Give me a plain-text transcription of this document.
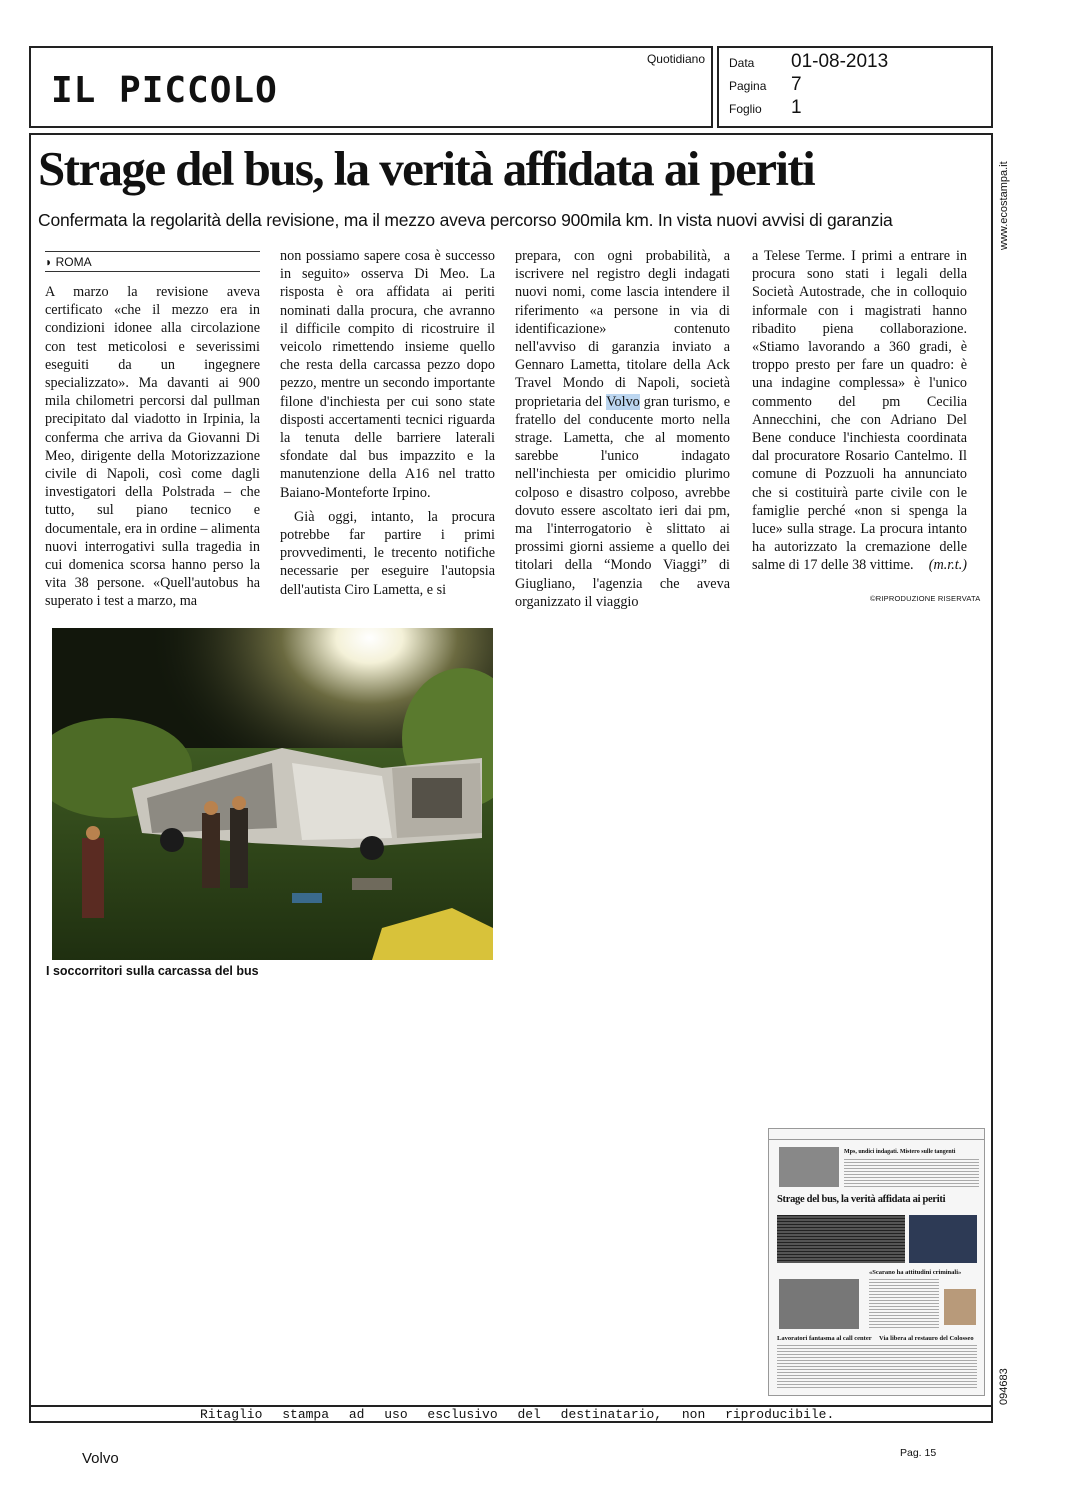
IL PICCOLO
Quotidiano Data 01-08-2013
Pagina 7
Foglio 1
www.ecostampa.it
Strage del bus, la verità affidata ai periti
Confermata la regolarità della revisione, ma il mezzo aveva percorso 900mila km. In vista nuovi avvisi di garanzia
◗ ROMA

A marzo la revisione aveva certificato «che il mezzo era in condizioni idonee alla circolazione con test meticolosi e severissimi eseguiti da un ingegnere specializzato». Ma davanti ai 900 mila chilometri percorsi dal pullman precipitato dal viadotto in Irpinia, la conferma che arriva da Giovanni Di Meo, dirigente della Motorizzazione civile di Napoli, così come dagli investigatori della Polstrada – che tutto, sul piano tecnico e documentale, era in ordine – alimenta nuovi interrogativi sulla tragedia in cui domenica scorsa hanno perso la vita 38 persone. «Quell'autobus ha superato i test a marzo, ma

non possiamo sapere cosa è successo in seguito» osserva Di Meo. La risposta è ora affidata ai periti nominati dalla procura, che avranno il difficile compito di ricostruire il veicolo rimettendo insieme quello che resta della carcassa pezzo dopo pezzo, mentre un secondo importante filone d'inchiesta per cui sono state disposti accertamenti tecnici riguarda la tenuta delle barriere laterali sfondate dal bus impazzito e la manutenzione della A16 nel tratto Baiano-Monteforte Irpino.

Già oggi, intanto, la procura potrebbe far partire i primi provvedimenti, le trecento notifiche necessarie per eseguire l'autopsia dell'autista Ciro Lametta, e si

prepara, con ogni probabilità, a iscrivere nel registro degli indagati nuovi nomi, come lascia intendere il riferimento «a persone in via di identificazione» contenuto nell'avviso di garanzia inviato a Gennaro Lametta, titolare della Ack Travel Mondo di Napoli, società proprietaria del Volvo gran turismo, e fratello del conducente morto nella strage. Lametta, che al momento sarebbe l'unico indagato nell'inchiesta per omicidio plurimo colposo e disastro colposo, avrebbe dovuto essere ascoltato ieri dai pm, ma l'interrogatorio è slittato ai prossimi giorni assieme a quello dei titolari della “Mondo Viaggi” di Giugliano, l'agenzia che aveva organizzato il viaggio

a Telese Terme. I primi a entrare in procura sono stati i legali della Società Autostrade, che in colloquio informale con i magistrati hanno ribadito piena collaborazione. «Stiamo lavorando a 360 gradi, è troppo presto per fare un quadro: è una indagine complessa» è l'unico commento del pm Cecilia Annecchini, che con Adriano Del Bene conduce l'inchiesta coordinata dal procuratore Rosario Cantelmo. Il comune di Pozzuoli ha annunciato che si costituirà parte civile con le famiglie perché «non si spenga la luce» sulla strage. La procura intanto ha autorizzato la cremazione delle salme di 17 delle 38 vittime. (m.r.t.)

©RIPRODUZIONE RISERVATA
I soccorritori sulla carcassa del bus
Mps, undici indagati. Mistero sulle tangenti
Strage del bus, la verità affidata ai periti
«Scarano ha attitudini criminali»
Lavoratori fantasma al call center Via libera al restauro del Colosseo
094683
Ritaglio stampa ad uso esclusivo del destinatario, non riproducibile.
Volvo	Pag. 15
